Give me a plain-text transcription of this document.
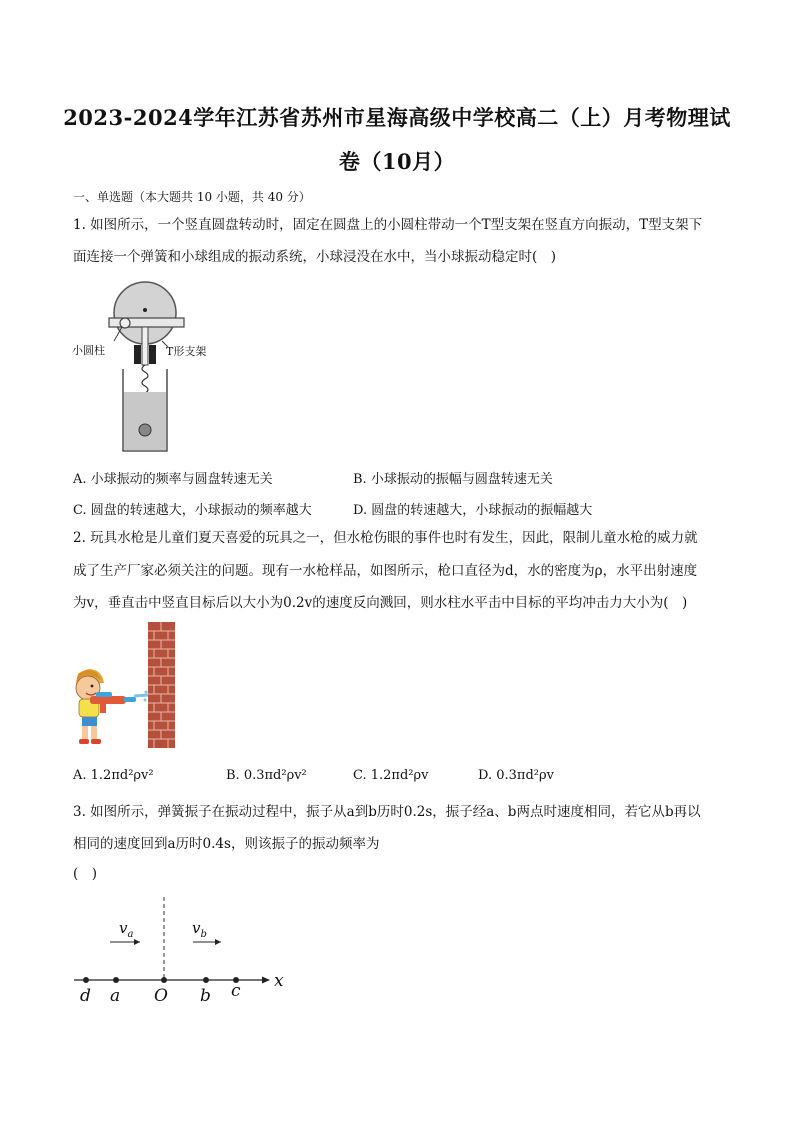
2023-2024学年江苏省苏州市星海高级中学校高二（上）月考物理试
卷（10月）
一、单选题（本大题共 10 小题，共 40 分）
1. 如图所示，一个竖直圆盘转动时，固定在圆盘上的小圆柱带动一个T型支架在竖直方向振动，T型支架下
面连接一个弹簧和小球组成的振动系统，小球浸没在水中，当小球振动稳定时(　)
小圆柱	T形支架
A. 小球振动的频率与圆盘转速无关	B. 小球振动的振幅与圆盘转速无关
C. 圆盘的转速越大，小球振动的频率越大	D. 圆盘的转速越大，小球振动的振幅越大
2. 玩具水枪是儿童们夏天喜爱的玩具之一，但水枪伤眼的事件也时有发生，因此，限制儿童水枪的威力就
成了生产厂家必须关注的问题。现有一水枪样品，如图所示，枪口直径为d，水的密度为ρ，水平出射速度
为v，垂直击中竖直目标后以大小为0.2v的速度反向溅回，则水柱水平击中目标的平均冲击力大小为(　)
A. 1.2πd²ρv²	B. 0.3πd²ρv²	C. 1.2πd²ρv	D. 0.3πd²ρv
3. 如图所示，弹簧振子在振动过程中，振子从a到b历时0.2s，振子经a、b两点时速度相同，若它从b再以
相同的速度回到a历时0.4s，则该振子的振动频率为
(　)
$v_a$	$v_b$
x
d a O b c
